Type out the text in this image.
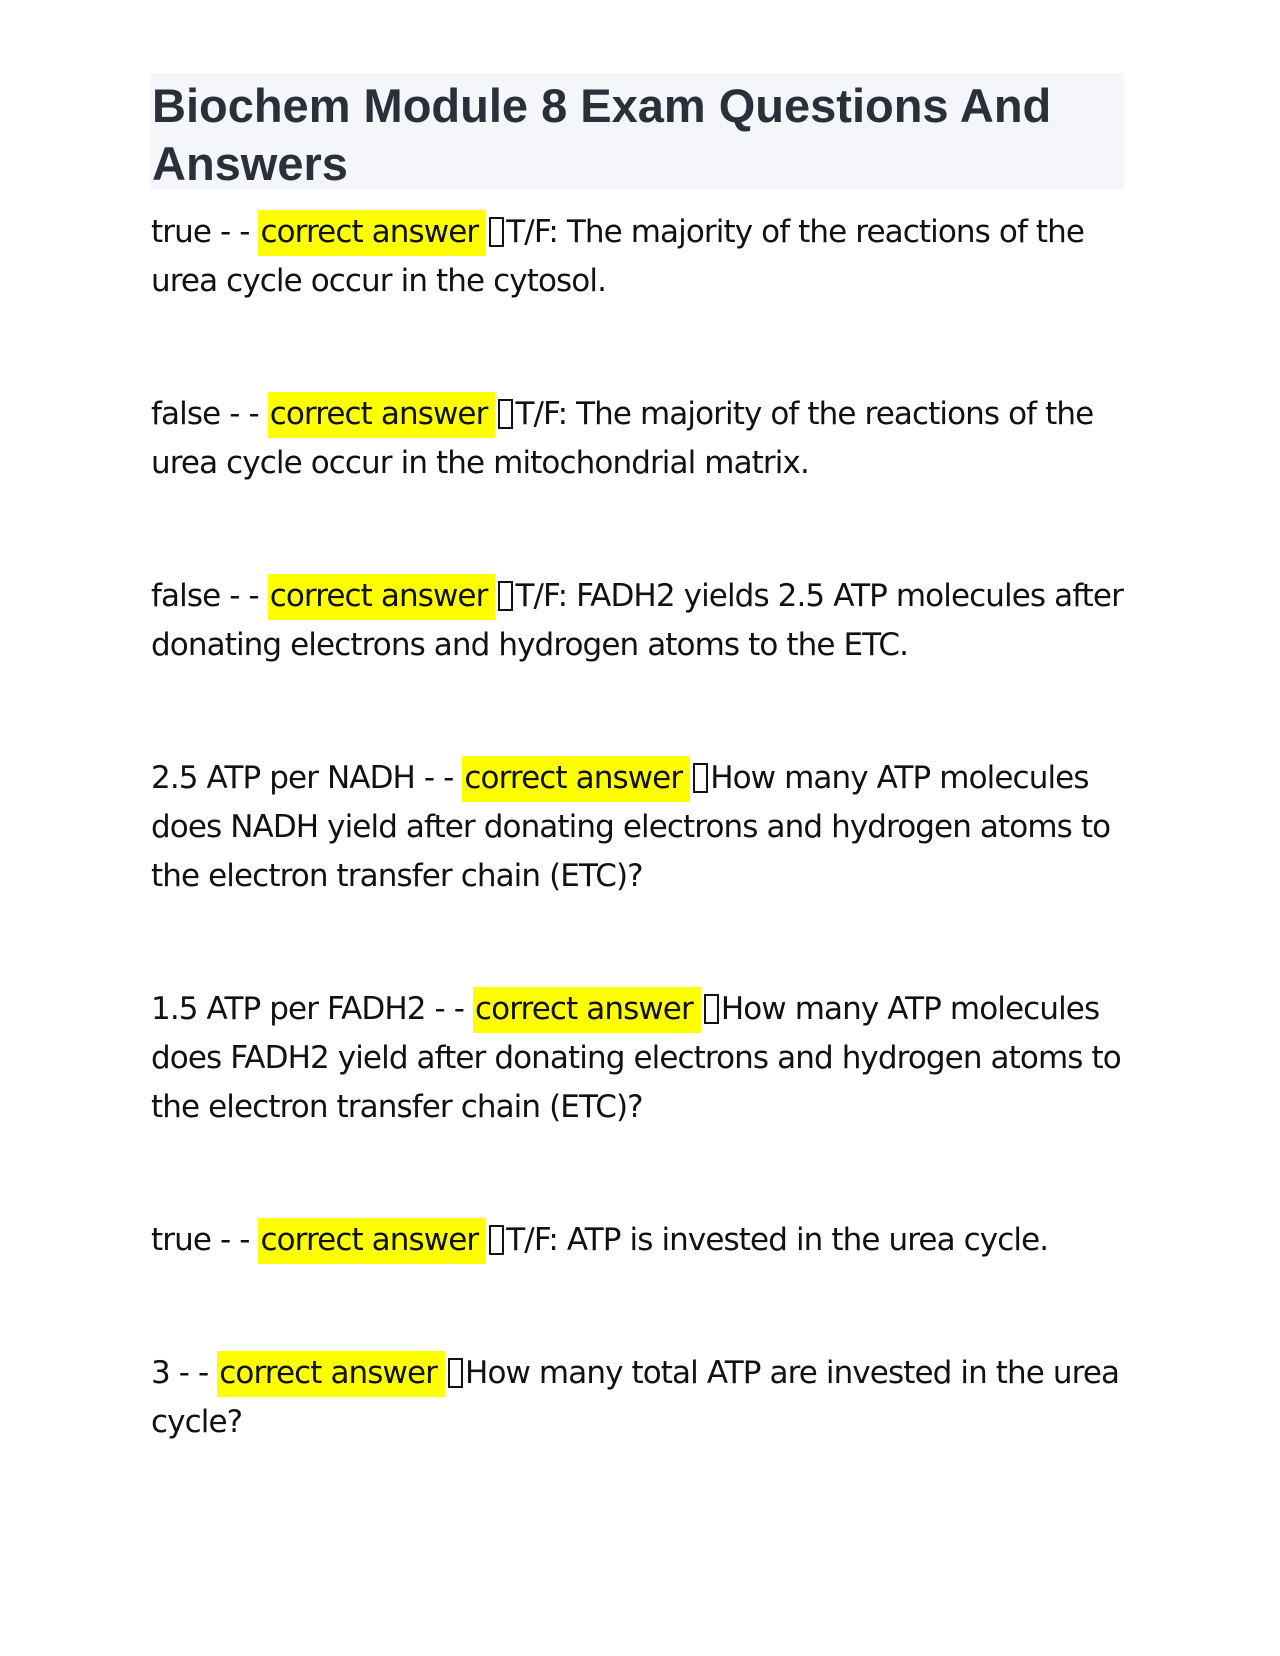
Biochem Module 8 Exam Questions And Answers

true - - correct answer T/F: The majority of the reactions of the urea cycle occur in the cytosol.

false - - correct answer T/F: The majority of the reactions of the urea cycle occur in the mitochondrial matrix.

false - - correct answer T/F: FADH2 yields 2.5 ATP molecules after donating electrons and hydrogen atoms to the ETC.

2.5 ATP per NADH - - correct answer How many ATP molecules does NADH yield after donating electrons and hydrogen atoms to the electron transfer chain (ETC)?

1.5 ATP per FADH2 - - correct answer How many ATP molecules does FADH2 yield after donating electrons and hydrogen atoms to the electron transfer chain (ETC)?

true - - correct answer T/F: ATP is invested in the urea cycle.

3 - - correct answer How many total ATP are invested in the urea cycle?
